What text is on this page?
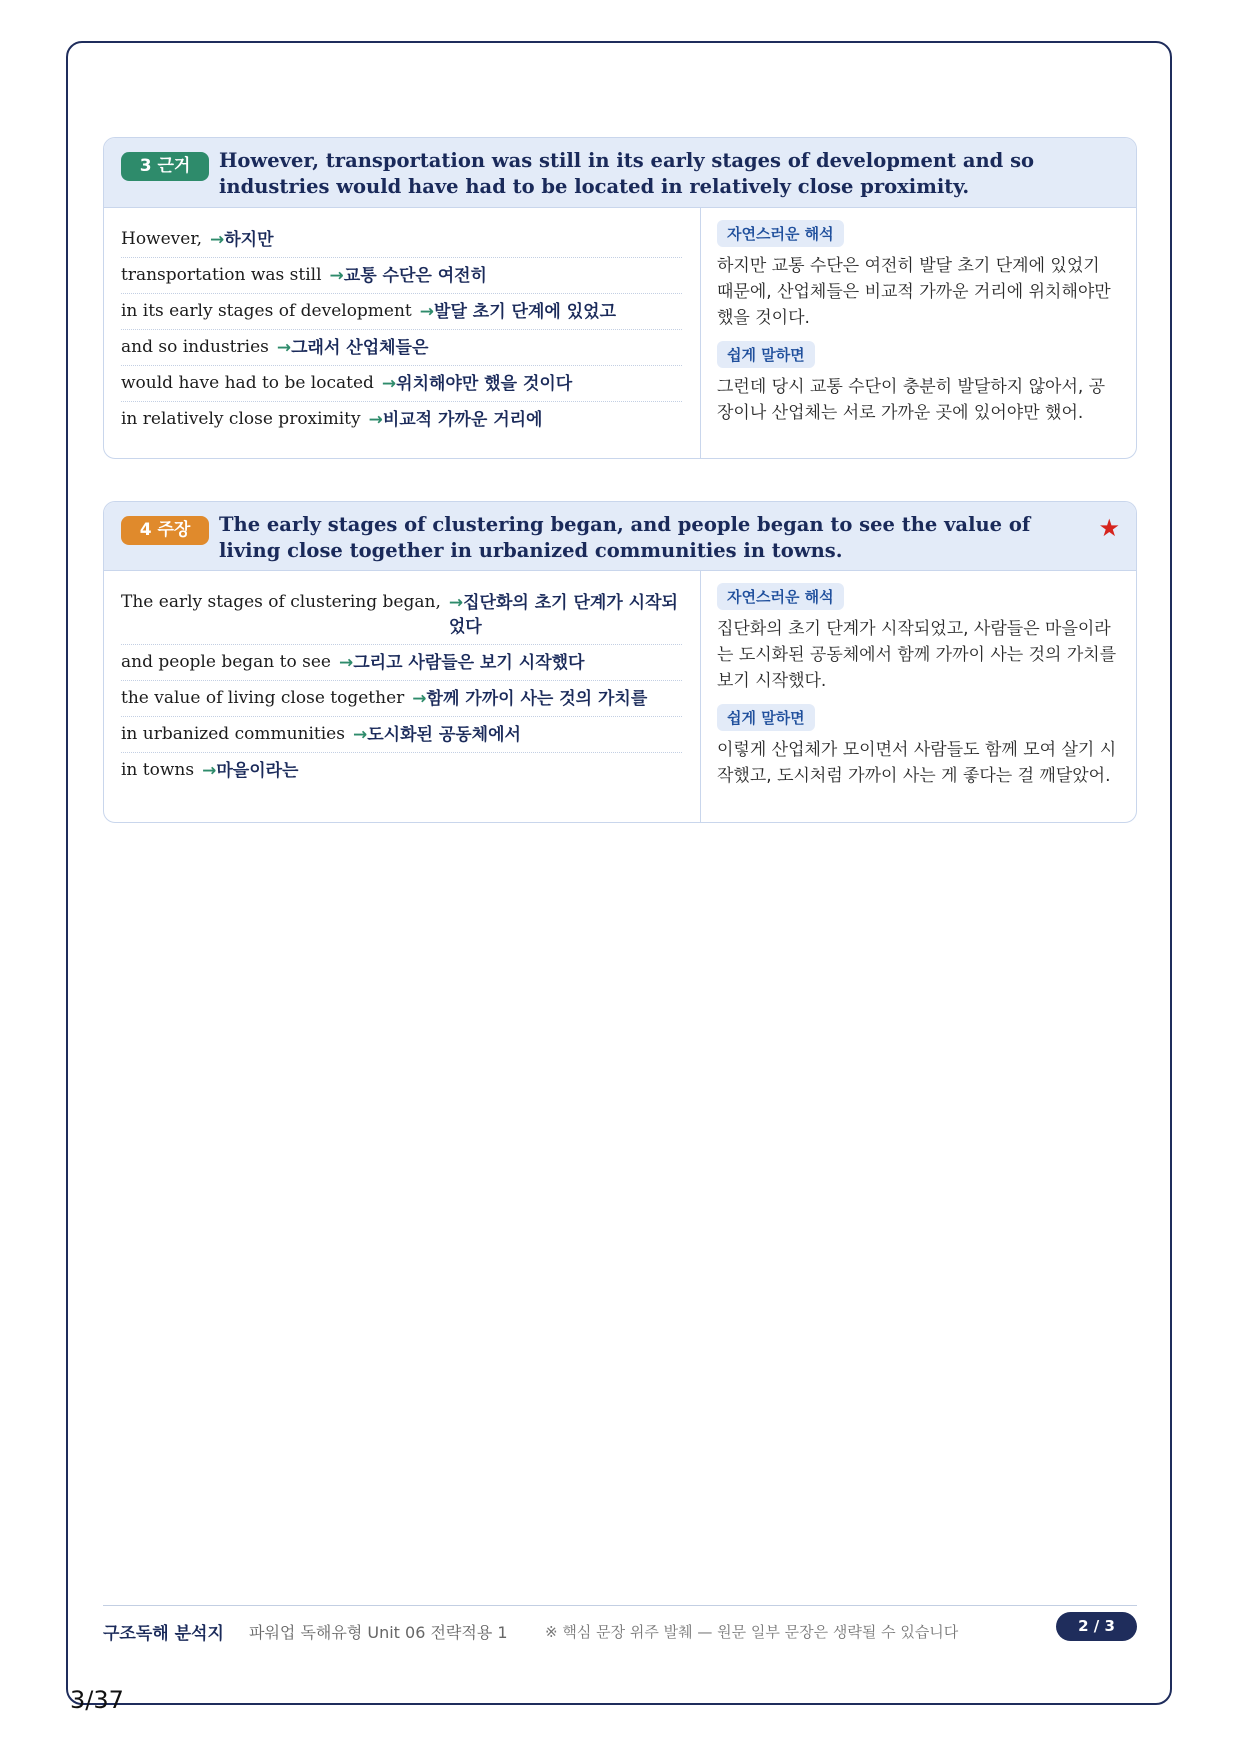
3 근거	However, transportation was still in its early stages of development and so industries would have had to be located in relatively close proximity.
However, →하지만
transportation was still →교통 수단은 여전히
in its early stages of development →발달 초기 단계에 있었고
and so industries →그래서 산업체들은
would have had to be located →위치해야만 했을 것이다
in relatively close proximity →비교적 가까운 거리에
자연스러운 해석
하지만 교통 수단은 여전히 발달 초기 단계에 있었기 때문에, 산업체들은 비교적 가까운 거리에 위치해야만 했을 것이다.
쉽게 말하면
그런데 당시 교통 수단이 충분히 발달하지 않아서, 공장이나 산업체는 서로 가까운 곳에 있어야만 했어.
4 주장	The early stages of clustering began, and people began to see the value of living close together in urbanized communities in towns.
★
The early stages of clustering began, →집단화의 초기 단계가 시작되었다
and people began to see →그리고 사람들은 보기 시작했다
the value of living close together →함께 가까이 사는 것의 가치를
in urbanized communities →도시화된 공동체에서
in towns →마을이라는
자연스러운 해석
집단화의 초기 단계가 시작되었고, 사람들은 마을이라는 도시화된 공동체에서 함께 가까이 사는 것의 가치를 보기 시작했다.
쉽게 말하면
이렇게 산업체가 모이면서 사람들도 함께 모여 살기 시작했고, 도시처럼 가까이 사는 게 좋다는 걸 깨달았어.
구조독해 분석지 파워업 독해유형 Unit 06 전략적용 1 ※ 핵심 문장 위주 발췌 — 원문 일부 문장은 생략될 수 있습니다	2 / 3
3/37
